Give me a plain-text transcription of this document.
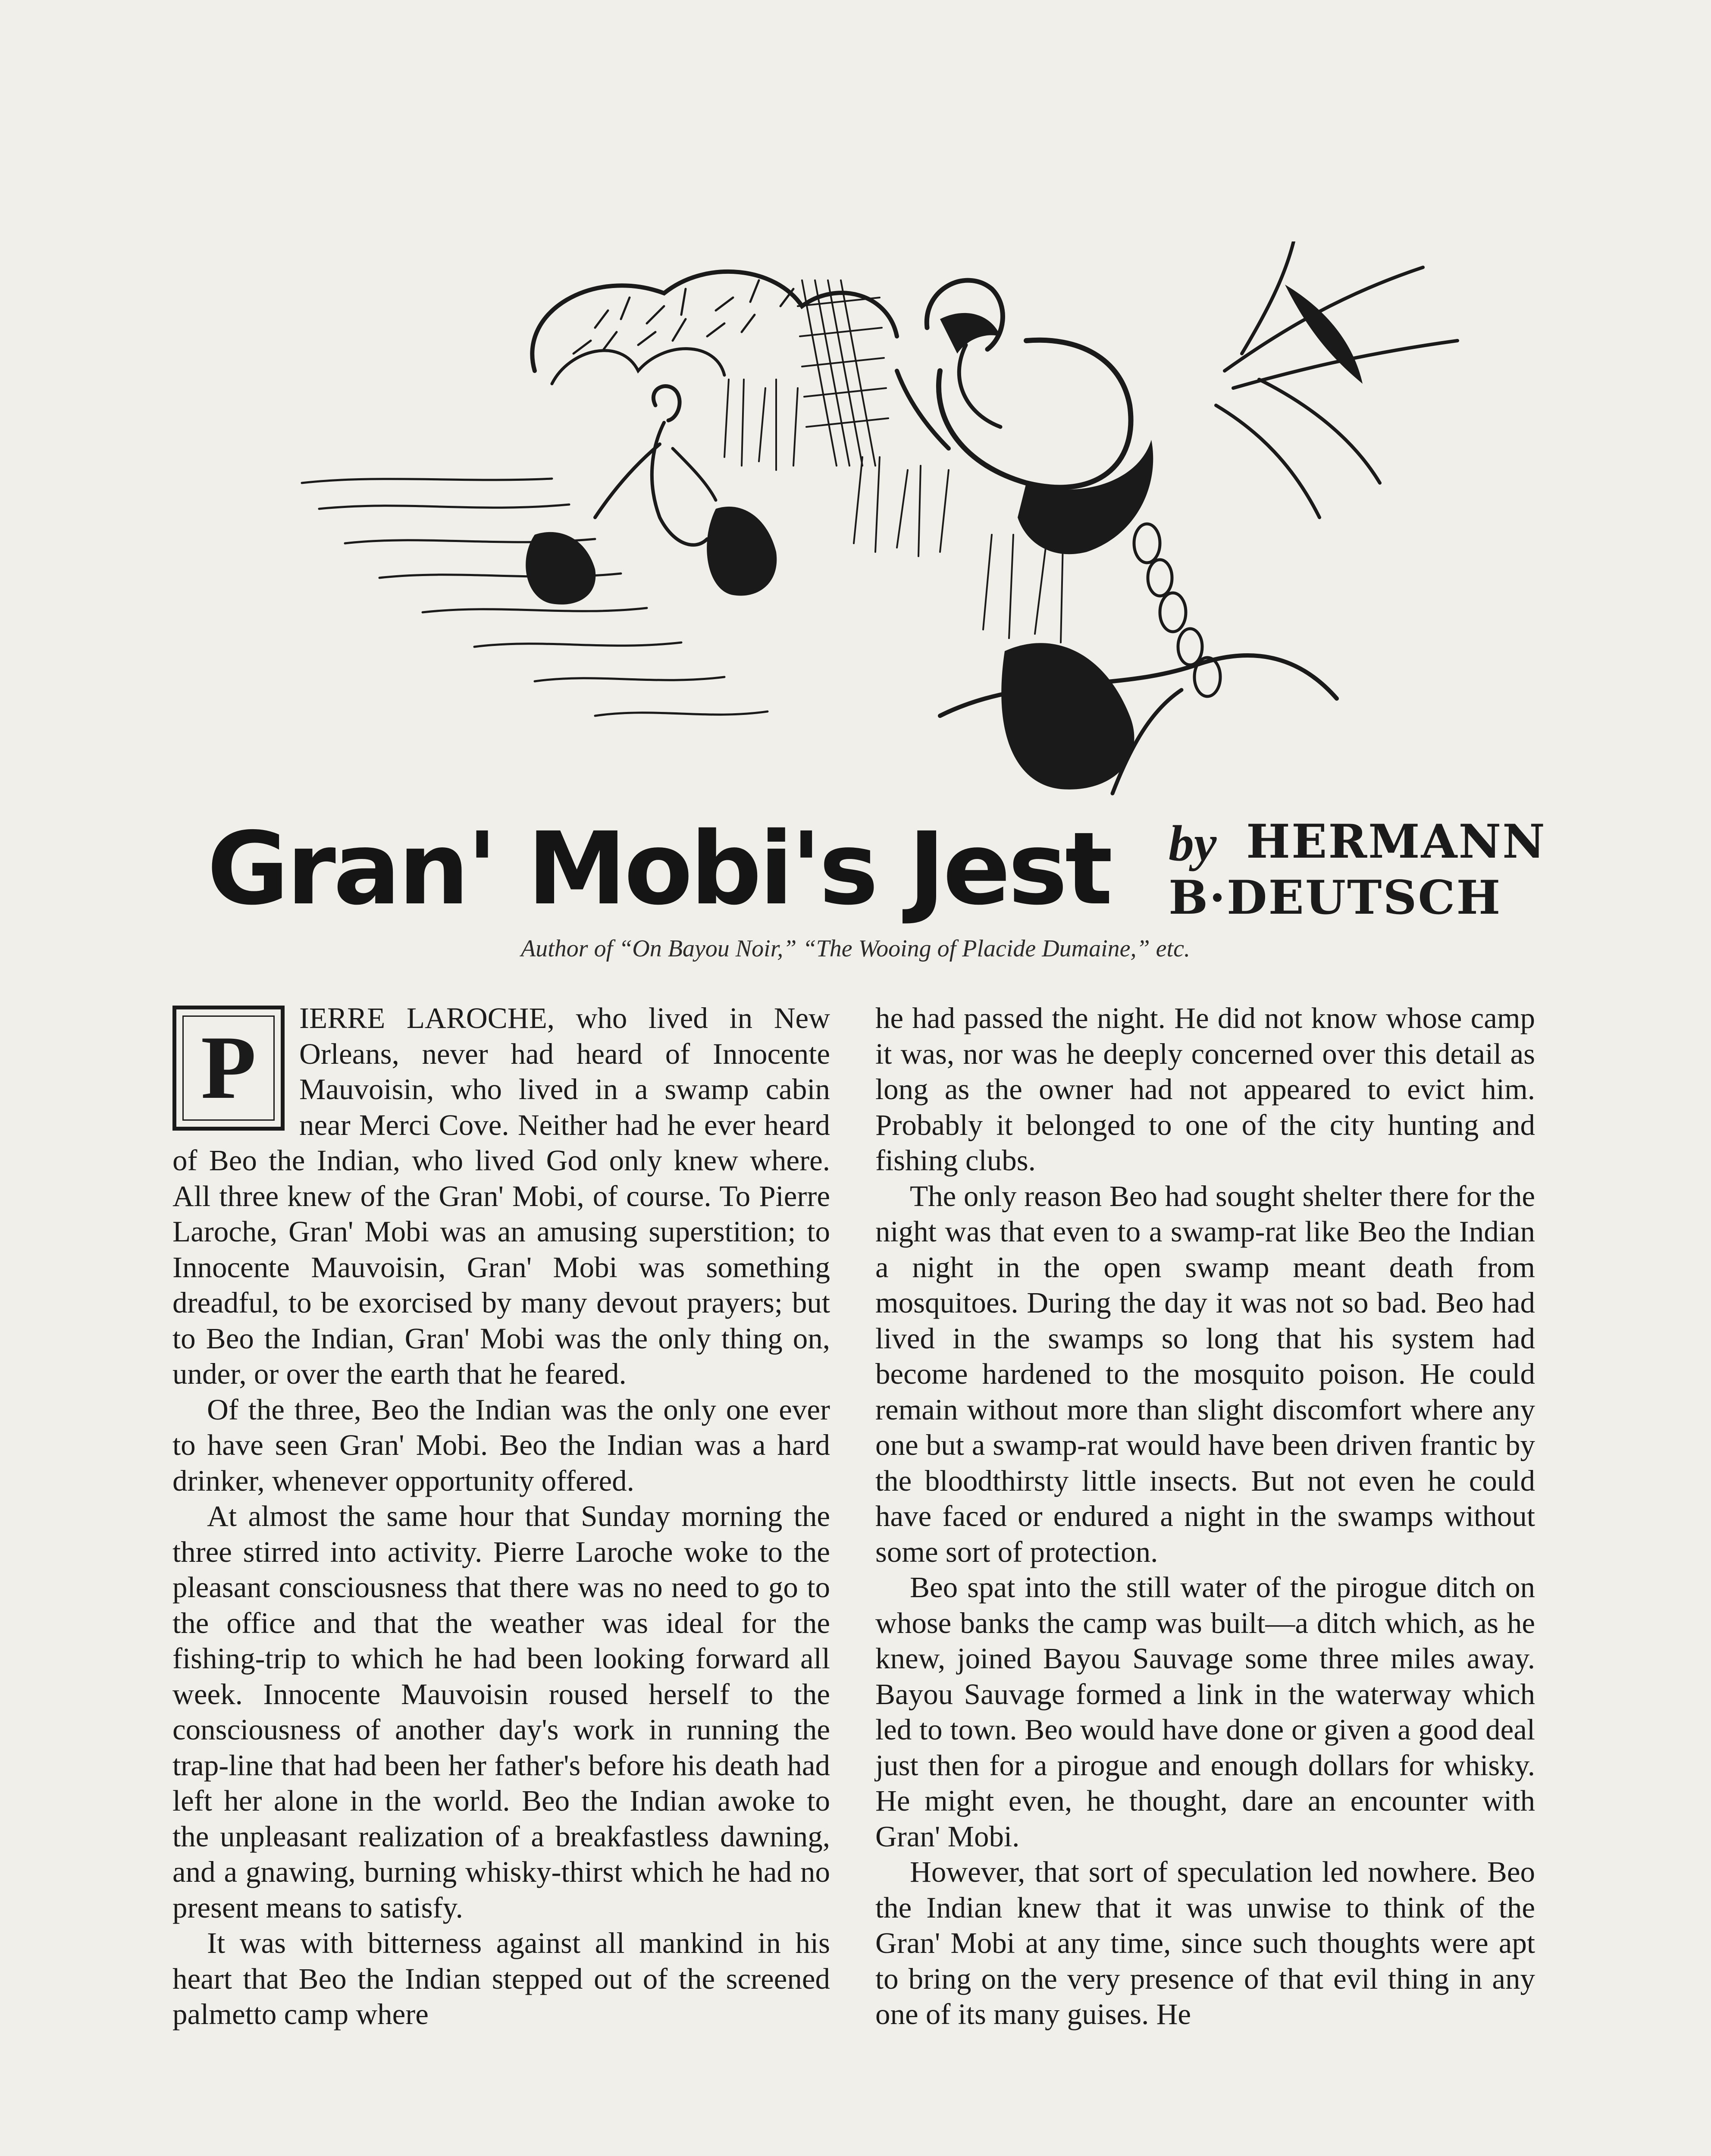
Gran' Mobi's Jest by HERMANN
B·DEUTSCH
Author of “On Bayou Noir,” “The Wooing of Placide Dumaine,” etc.
P	IERRE LAROCHE, who lived in New Orleans, never had heard of Innocente Mauvoisin, who lived in a swamp cabin near Merci Cove. Neither had he ever heard of Beo the Indian, who lived God only knew where. All three knew of the Gran' Mobi, of course. To Pierre Laroche, Gran' Mobi was an amusing superstition; to Innocente Mauvoisin, Gran' Mobi was something dreadful, to be exorcised by many devout prayers; but to Beo the Indian, Gran' Mobi was the only thing on, under, or over the earth that he feared.

Of the three, Beo the Indian was the only one ever to have seen Gran' Mobi. Beo the Indian was a hard drinker, whenever opportunity offered.

At almost the same hour that Sunday morning the three stirred into activity. Pierre Laroche woke to the pleasant consciousness that there was no need to go to the office and that the weather was ideal for the fishing-trip to which he had been looking forward all week. Innocente Mauvoisin roused herself to the consciousness of another day's work in running the trap-line that had been her father's before his death had left her alone in the world. Beo the Indian awoke to the unpleasant realization of a breakfastless dawning, and a gnawing, burning whisky-thirst which he had no present means to satisfy.

It was with bitterness against all mankind in his heart that Beo the Indian stepped out of the screened palmetto camp where

he had passed the night. He did not know whose camp it was, nor was he deeply concerned over this detail as long as the owner had not appeared to evict him. Probably it belonged to one of the city hunting and fishing clubs.

The only reason Beo had sought shelter there for the night was that even to a swamp-rat like Beo the Indian a night in the open swamp meant death from mosquitoes. During the day it was not so bad. Beo had lived in the swamps so long that his system had become hardened to the mosquito poison. He could remain without more than slight discomfort where any one but a swamp-rat would have been driven frantic by the bloodthirsty little insects. But not even he could have faced or endured a night in the swamps without some sort of protection.

Beo spat into the still water of the pirogue ditch on whose banks the camp was built—a ditch which, as he knew, joined Bayou Sauvage some three miles away. Bayou Sauvage formed a link in the waterway which led to town. Beo would have done or given a good deal just then for a pirogue and enough dollars for whisky. He might even, he thought, dare an encounter with Gran' Mobi.

However, that sort of speculation led nowhere. Beo the Indian knew that it was unwise to think of the Gran' Mobi at any time, since such thoughts were apt to bring on the very presence of that evil thing in any one of its many guises. He
